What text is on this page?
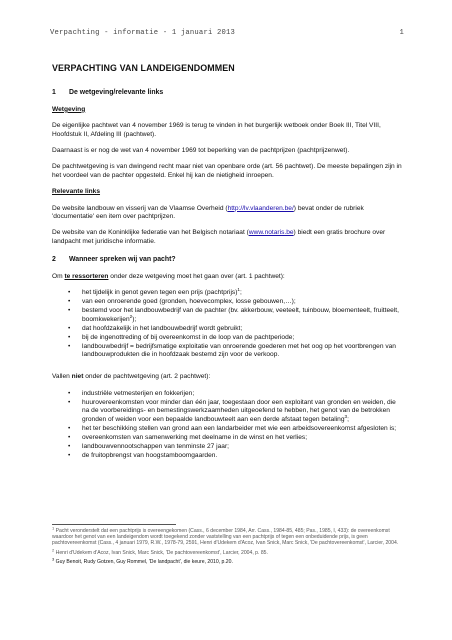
Verpachting - informatie - 1 januari 2013	1
VERPACHTING VAN LANDEIGENDOMMEN
1 De wetgeving/relevante links
Wetgeving

De eigenlijke pachtwet van 4 november 1969 is terug te vinden in het burgerlijk wetboek onder Boek III, Titel VIII, Hoofdstuk II, Afdeling III (pachtwet).

Daarnaast is er nog de wet van 4 november 1969 tot beperking van de pachtprijzen (pachtprijzenwet).

De pachtwetgeving is van dwingend recht maar niet van openbare orde (art. 56 pachtwet). De meeste bepalingen zijn in het voordeel van de pachter opgesteld. Enkel hij kan de nietigheid inroepen.

Relevante links

De website landbouw en visserij van de Vlaamse Overheid (http://lv.vlaanderen.be/) bevat onder de rubriek 'documentatie' een item over pachtprijzen.

De website van de Koninklijke federatie van het Belgisch notariaat (www.notaris.be) biedt een gratis brochure over landpacht met juridische informatie.

2 Wanneer spreken wij van pacht?

Om te ressorteren onder deze wetgeving moet het gaan over (art. 1 pachtwet):

• het tijdelijk in genot geven tegen een prijs (pachtprijs)$^1$;
• van een onroerende goed (gronden, hoevecomplex, losse gebouwen,…);
• bestemd voor het landbouwbedrijf van de pachter (bv. akkerbouw, veeteelt, tuinbouw, bloementeelt, fruitteelt, boomkwekerijen$^2$);
• dat hoofdzakelijk in het landbouwbedrijf wordt gebruikt;
• bij de ingenottreding of bij overeenkomst in de loop van de pachtperiode;
• landbouwbedrijf = bedrijfsmatige exploitatie van onroerende goederen met het oog op het voortbrengen van landbouwprodukten die in hoofdzaak bestemd zijn voor de verkoop.

Vallen niet onder de pachtwetgeving (art. 2 pachtwet):

• industriële vetmesterijen en fokkerijen;
• huurovereenkomsten voor minder dan één jaar, toegestaan door een exploitant van gronden en weiden, die na de voorbereidings- en bemestingswerkzaamheden uitgeoefend te hebben, het genot van de betrokken gronden of weiden voor een bepaalde landbouwteelt aan een derde afstaat tegen betaling$^3$;
• het ter beschikking stellen van grond aan een landarbeider met wie een arbeidsovereenkomst afgesloten is;
• overeenkomsten van samenwerking met deelname in de winst en het verlies;
• landbouwvennootschappen van tenminste 27 jaar;
• de fruitopbrengst van hoogstamboomgaarden.
$^1$ Pacht veronderstelt dat een pachtprijs is overeengekomen (Cass., 6 december 1984, Arr. Cass., 1984-85, 485; Pas., 1985, I, 433): de overeenkomst waardoor het genot van een landeigendom wordt toegekend zonder vaststelling van een pachtprijs of tegen een onbeduidende prijs, is geen pachtovereenkomst (Cass., 4 januari 1979, R.W., 1978-79, 2591, Henri d'Udekem d'Acoz, Ivan Snick, Marc Snick, 'De pachtovereenkomst', Larcier, 2004.
$^2$ Henri d'Udekem d'Acoz, Ivan Snick, Marc Snick, 'De pachtovereenkomst', Larcier, 2004, p. 85.
$^3$ Guy Benoit, Rudy Gotzen, Guy Rommel, 'De landpacht', die keure, 2010, p.20.
